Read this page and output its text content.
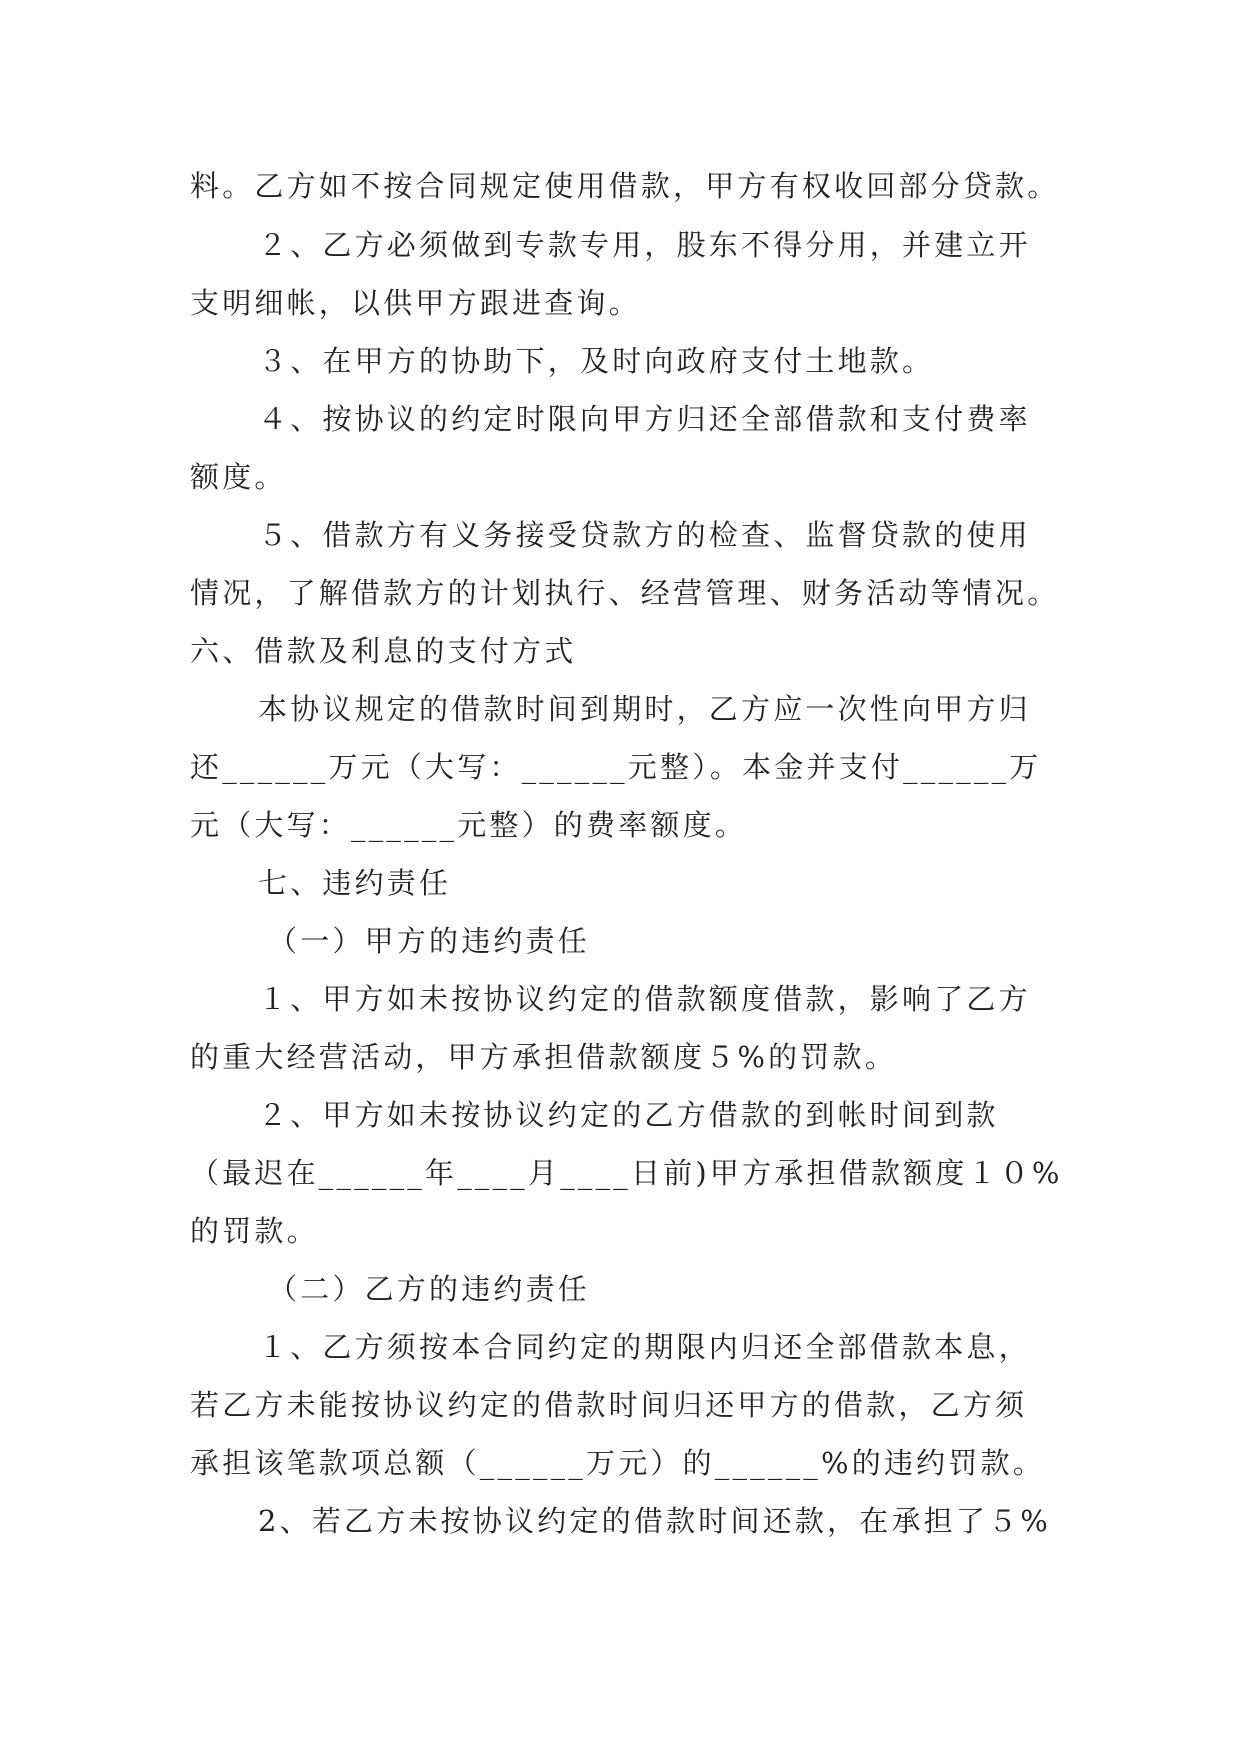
料。乙方如不按合同规定使用借款，甲方有权收回部分贷款。
２、乙方必须做到专款专用，股东不得分用，并建立开
支明细帐，以供甲方跟进查询。
３、在甲方的协助下，及时向政府支付土地款。
４、按协议的约定时限向甲方归还全部借款和支付费率
额度。
５、借款方有义务接受贷款方的检查、监督贷款的使用
情况，了解借款方的计划执行、经营管理、财务活动等情况。
六、借款及利息的支付方式
本协议规定的借款时间到期时，乙方应一次性向甲方归
还______万元（大写：______元整）。本金并支付______万
元（大写：______元整）的费率额度。
七、违约责任
（一）甲方的违约责任
１、甲方如未按协议约定的借款额度借款，影响了乙方
的重大经营活动，甲方承担借款额度５%的罚款。
２、甲方如未按协议约定的乙方借款的到帐时间到款
（最迟在______年____月____日前)甲方承担借款额度１０%
的罚款。
（二）乙方的违约责任
１、乙方须按本合同约定的期限内归还全部借款本息，
若乙方未能按协议约定的借款时间归还甲方的借款，乙方须
承担该笔款项总额（______万元）的______%的违约罚款。
2、若乙方未按协议约定的借款时间还款，在承担了５%
